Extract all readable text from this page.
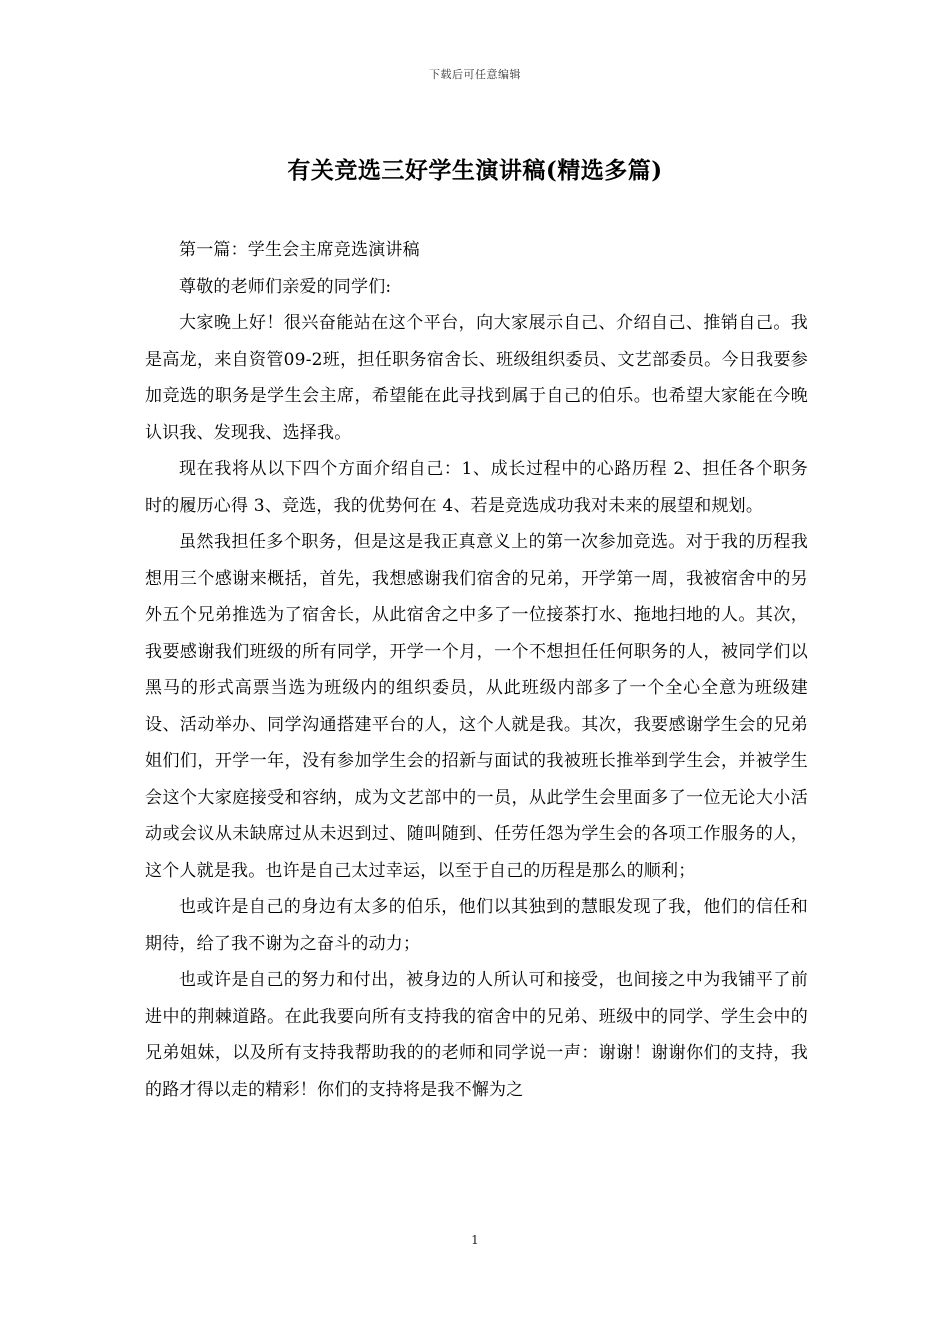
下载后可任意编辑
有关竞选三好学生演讲稿(精选多篇)

第一篇：学生会主席竞选演讲稿

尊敬的老师们亲爱的同学们:

大家晚上好！很兴奋能站在这个平台，向大家展示自己、介绍自己、推销自己。我是高龙，来自资管09-2班，担任职务宿舍长、班级组织委员、文艺部委员。今日我要参加竞选的职务是学生会主席，希望能在此寻找到属于自己的伯乐。也希望大家能在今晚认识我、发现我、选择我。

现在我将从以下四个方面介绍自己：1、成长过程中的心路历程 2、担任各个职务时的履历心得 3、竞选，我的优势何在 4、若是竞选成功我对未来的展望和规划。

虽然我担任多个职务，但是这是我正真意义上的第一次参加竞选。对于我的历程我想用三个感谢来概括，首先，我想感谢我们宿舍的兄弟，开学第一周，我被宿舍中的另外五个兄弟推选为了宿舍长，从此宿舍之中多了一位接茶打水、拖地扫地的人。其次，我要感谢我们班级的所有同学，开学一个月，一个不想担任任何职务的人，被同学们以黑马的形式高票当选为班级内的组织委员，从此班级内部多了一个全心全意为班级建设、活动举办、同学沟通搭建平台的人，这个人就是我。其次，我要感谢学生会的兄弟姐们们，开学一年，没有参加学生会的招新与面试的我被班长推举到学生会，并被学生会这个大家庭接受和容纳，成为文艺部中的一员，从此学生会里面多了一位无论大小活动或会议从未缺席过从未迟到过、随叫随到、任劳任怨为学生会的各项工作服务的人，这个人就是我。也许是自己太过幸运，以至于自己的历程是那么的顺利；

也或许是自己的身边有太多的伯乐，他们以其独到的慧眼发现了我，他们的信任和期待，给了我不谢为之奋斗的动力；

也或许是自己的努力和付出，被身边的人所认可和接受，也间接之中为我铺平了前进中的荆棘道路。在此我要向所有支持我的宿舍中的兄弟、班级中的同学、学生会中的兄弟姐妹，以及所有支持我帮助我的的老师和同学说一声：谢谢！谢谢你们的支持，我的路才得以走的精彩！你们的支持将是我不懈为之

1
